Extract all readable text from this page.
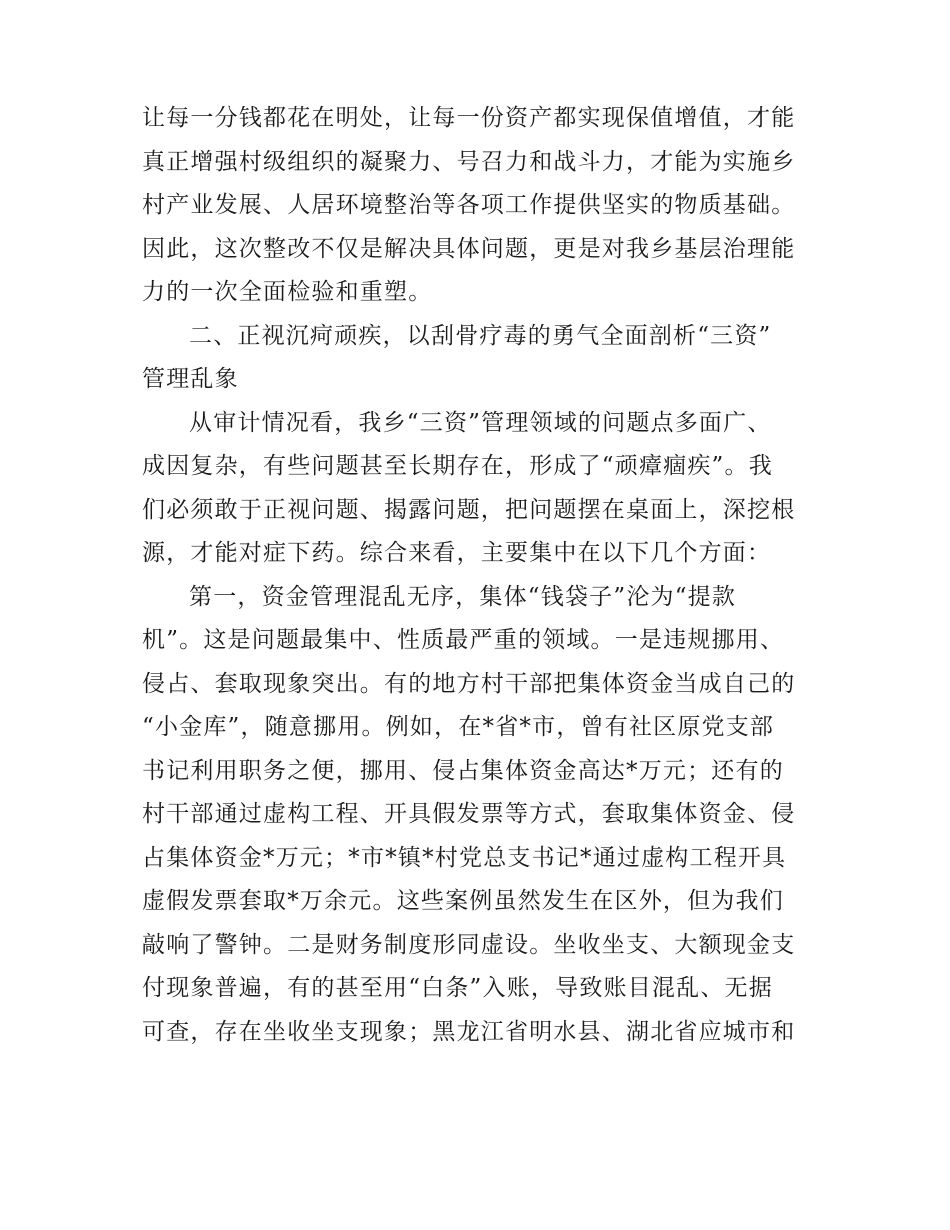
让每一分钱都花在明处，让每一份资产都实现保值增值，才能
真正增强村级组织的凝聚力、号召力和战斗力，才能为实施乡
村产业发展、人居环境整治等各项工作提供坚实的物质基础。
因此，这次整改不仅是解决具体问题，更是对我乡基层治理能
力的一次全面检验和重塑。
二、正视沉疴顽疾，以刮骨疗毒的勇气全面剖析“三资”
管理乱象
从审计情况看，我乡“三资”管理领域的问题点多面广、
成因复杂，有些问题甚至长期存在，形成了“顽瘴痼疾”。我
们必须敢于正视问题、揭露问题，把问题摆在桌面上，深挖根
源，才能对症下药。综合来看，主要集中在以下几个方面：
第一，资金管理混乱无序，集体“钱袋子”沦为“提款
机”。这是问题最集中、性质最严重的领域。一是违规挪用、
侵占、套取现象突出。有的地方村干部把集体资金当成自己的
“小金库”，随意挪用。例如，在*省*市，曾有社区原党支部
书记利用职务之便，挪用、侵占集体资金高达*万元；还有的
村干部通过虚构工程、开具假发票等方式，套取集体资金、侵
占集体资金*万元；*市*镇*村党总支书记*通过虚构工程开具
虚假发票套取*万余元。这些案例虽然发生在区外，但为我们
敲响了警钟。二是财务制度形同虚设。坐收坐支、大额现金支
付现象普遍，有的甚至用“白条”入账，导致账目混乱、无据
可查，存在坐收坐支现象；黑龙江省明水县、湖北省应城市和
